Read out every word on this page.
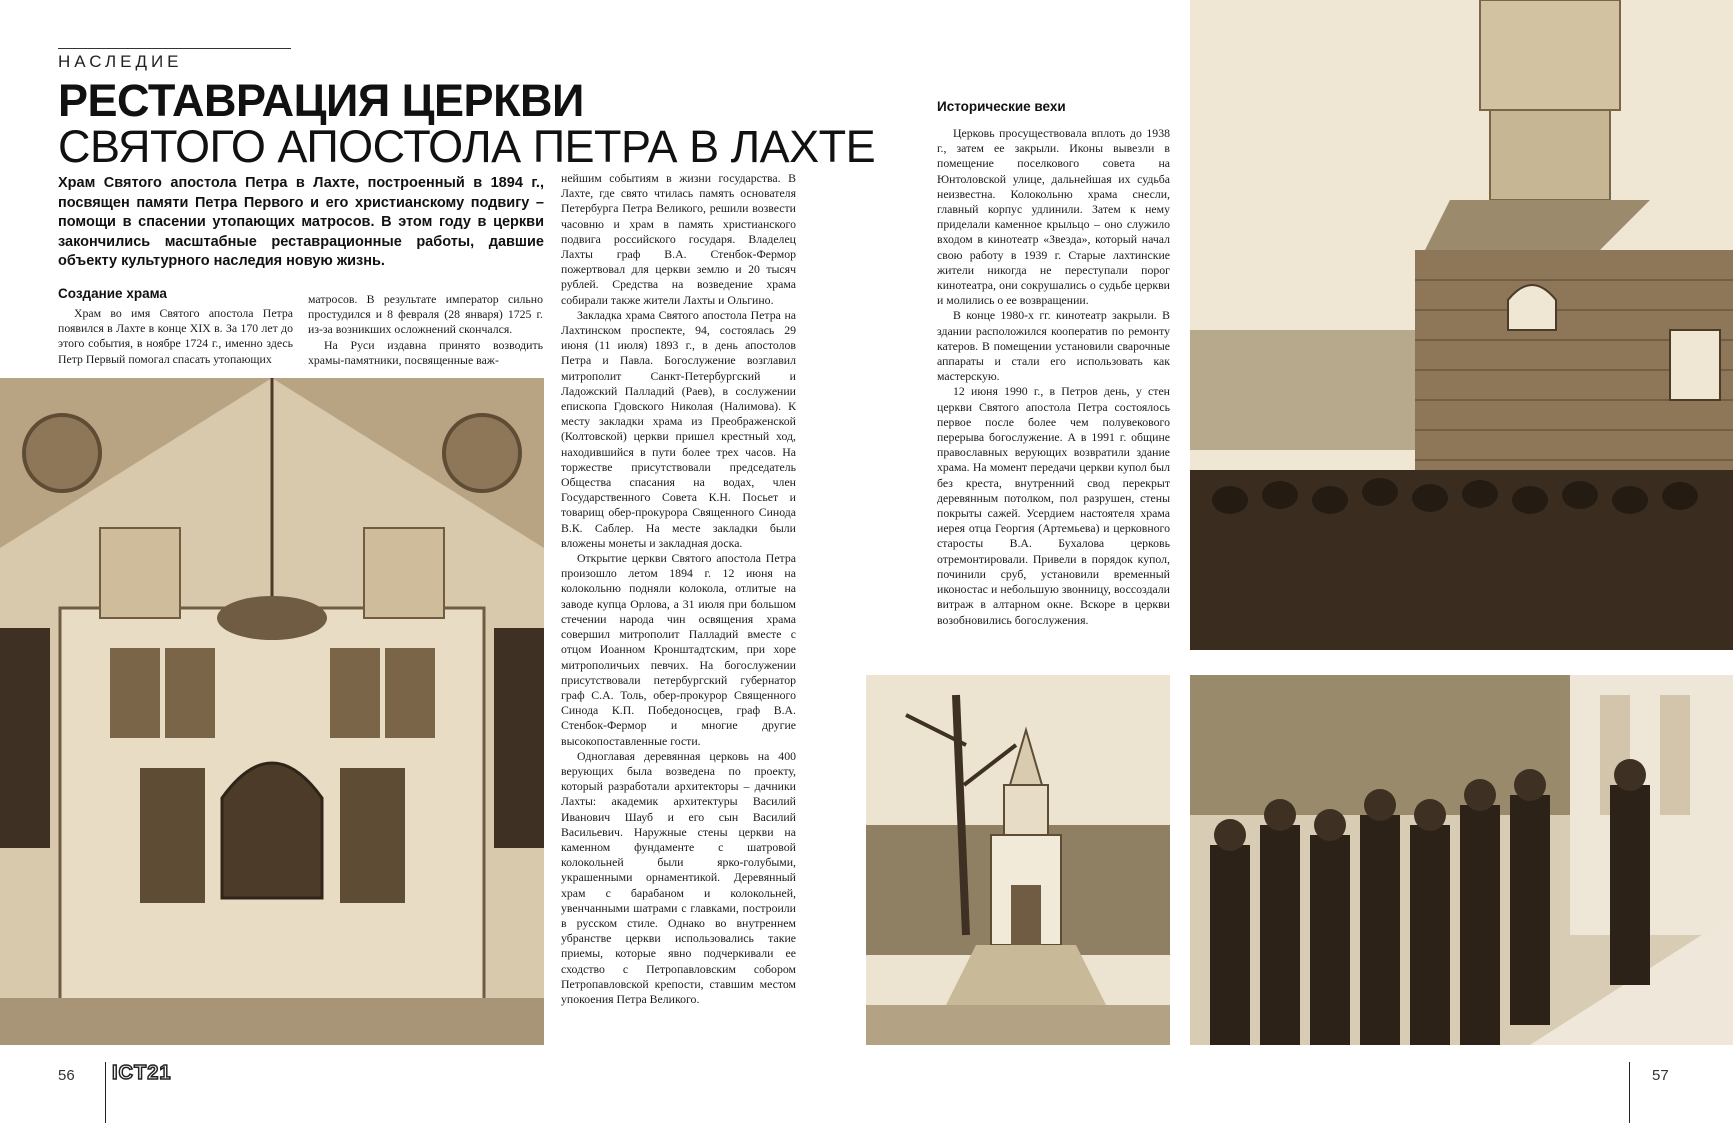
НАСЛЕДИЕ
РЕСТАВРАЦИЯ ЦЕРКВИ
СВЯТОГО АПОСТОЛА ПЕТРА В ЛАХТЕ
Храм Святого апостола Петра в Лахте, построенный в 1894 г., посвящен памяти Петра Первого и его христианскому подвигу – помощи в спасении утопающих матросов. В этом году в церкви закончились масштабные реставрационные работы, давшие объекту культурного наследия новую жизнь.
Создание храма

Храм во имя Святого апостола Петра появился в Лахте в конце XIX в. За 170 лет до этого события, в ноябре 1724 г., именно здесь Петр Первый помогал спасать утопающих

матросов. В результате император сильно простудился и 8 февраля (28 января) 1725 г. из-за возникших осложнений скончался.

На Руси издавна принято возводить храмы-памятники, посвященные важ-

Исторические вехи

нейшим событиям в жизни государства. В Лахте, где свято чтилась память основателя Петербурга Петра Великого, решили возвести часовню и храм в память христианского подвига российского государя. Владелец Лахты граф В.А. Стенбок-Фермор пожертвовал для церкви землю и 20 тысяч рублей. Средства на возведение храма собирали также жители Лахты и Ольгино.

Закладка храма Святого апостола Петра на Лахтинском проспекте, 94, состоялась 29 июня (11 июля) 1893 г., в день апостолов Петра и Павла. Богослужение возглавил митрополит Санкт-Петербургский и Ладожский Палладий (Раев), в сослужении епископа Гдовского Николая (Налимова). К месту закладки храма из Преображенской (Колтовской) церкви пришел крестный ход, находившийся в пути более трех часов. На торжестве присутствовали председатель Общества спасания на водах, член Государственного Совета К.Н. Посьет и товарищ обер-прокурора Священного Синода В.К. Саблер. На месте закладки были вложены монеты и закладная доска.

Открытие церкви Святого апостола Петра произошло летом 1894 г. 12 июня на колокольню подняли колокола, отлитые на заводе купца Орлова, а 31 июля при большом стечении народа чин освящения храма совершил митрополит Палладий вместе с отцом Иоанном Кронштадтским, при хоре митрополичьих певчих. На богослужении присутствовали петербургский губернатор граф С.А. Толь, обер-прокурор Священного Синода К.П. Победоносцев, граф В.А. Стенбок-Фермор и многие другие высокопоставленные гости.

Одноглавая деревянная церковь на 400 верующих была возведена по проекту, который разработали архитекторы – дачники Лахты: академик архитектуры Василий Иванович Шауб и его сын Василий Васильевич. Наружные стены церкви на каменном фундаменте с шатровой колокольней были ярко-голубыми, украшенными орнаментикой. Деревянный храм с барабаном и колокольней, увенчанными шатрами с главками, построили в русском стиле. Однако во внутреннем убранстве церкви использовались такие приемы, которые явно подчеркивали ее сходство с Петропавловским собором Петропавловской крепости, ставшим местом упокоения Петра Великого.

Церковь просуществовала вплоть до 1938 г., затем ее закрыли. Иконы вывезли в помещение поселкового совета на Юнтоловской улице, дальнейшая их судьба неизвестна. Колокольню храма снесли, главный корпус удлинили. Затем к нему приделали каменное крыльцо – оно служило входом в кинотеатр «Звезда», который начал свою работу в 1939 г. Старые лахтинские жители никогда не переступали порог кинотеатра, они сокрушались о судьбе церкви и молились о ее возвращении.

В конце 1980-х гг. кинотеатр закрыли. В здании расположился кооператив по ремонту катеров. В помещении установили сварочные аппараты и стали его использовать как мастерскую.

12 июня 1990 г., в Петров день, у стен церкви Святого апостола Петра состоялось первое после более чем полувекового перерыва богослужение. А в 1991 г. общине православных верующих возвратили здание храма. На момент передачи церкви купол был без креста, внутренний свод перекрыт деревянным потолком, пол разрушен, стены покрыты сажей. Усердием настоятеля храма иерея отца Георгия (Артемьева) и церковного старосты В.А. Бухалова церковь отремонтировали. Привели в порядок купол, починили сруб, установили временный иконостас и небольшую звонницу, воссоздали витраж в алтарном окне. Вскоре в церкви возобновились богослужения.

56 ICT21	57
